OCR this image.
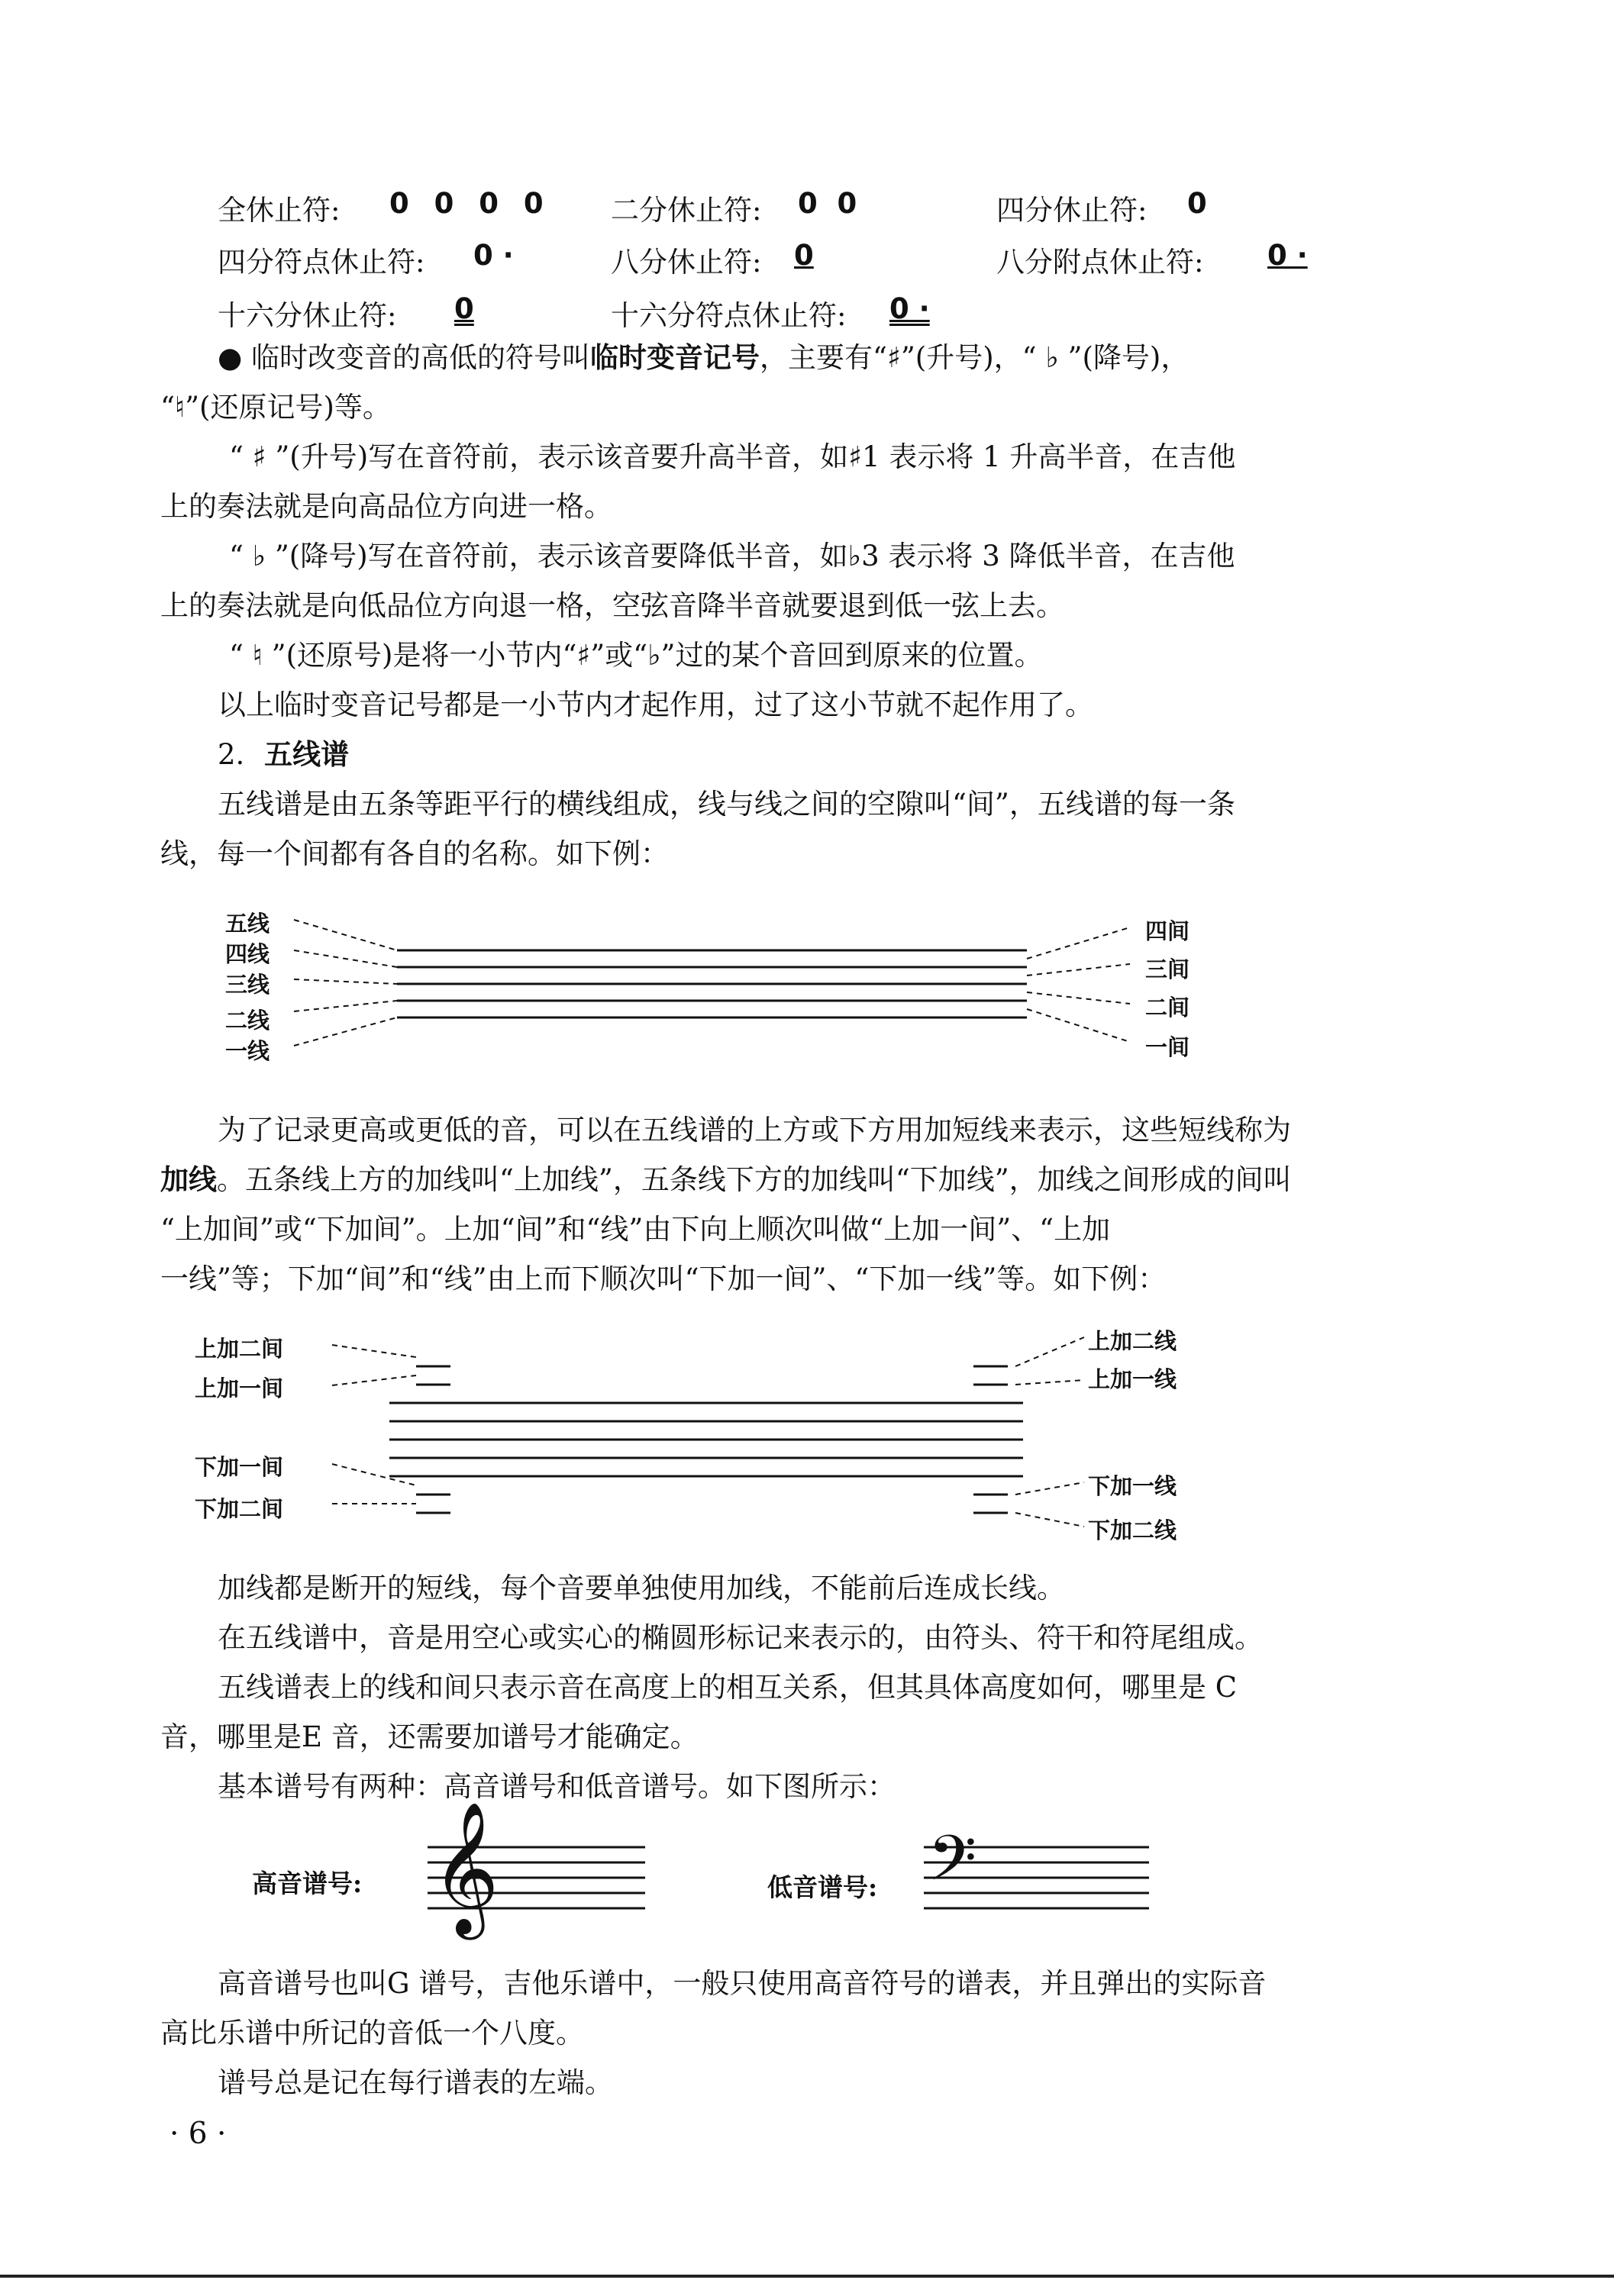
全休止符: 0 0 0 0 二分休止符: 0  0	四分休止符: 0
四分符点休止符: 0 ·	八分休止符: 0	八分附点休止符: 0 ·
十六分休止符: 0	十六分符点休止符: 0 ·
● 临时改变音的高低的符号叫临时变音记号，主要有“♯”(升号)，“ ♭ ”(降号)，
“♮”(还原记号)等。
“ ♯ ”(升号)写在音符前，表示该音要升高半音，如♯1 表示将 1 升高半音，在吉他
上的奏法就是向高品位方向进一格。
“ ♭ ”(降号)写在音符前，表示该音要降低半音，如♭3 表示将 3 降低半音，在吉他
上的奏法就是向低品位方向退一格，空弦音降半音就要退到低一弦上去。
“ ♮ ”(还原号)是将一小节内“♯”或“♭”过的某个音回到原来的位置。
以上临时变音记号都是一小节内才起作用，过了这小节就不起作用了。
2. 五线谱
五线谱是由五条等距平行的横线组成，线与线之间的空隙叫“间”，五线谱的每一条
线，每一个间都有各自的名称。如下例：
五线
四线
三线
二线
一线
四间
三间
二间
一间
为了记录更高或更低的音，可以在五线谱的上方或下方用加短线来表示，这些短线称为
加线。五条线上方的加线叫“上加线”，五条线下方的加线叫“下加线”，加线之间形成的间叫
“上加间”或“下加间”。上加“间”和“线”由下向上顺次叫做“上加一间”、“上加
一线”等；下加“间”和“线”由上而下顺次叫“下加一间”、“下加一线”等。如下例：
上加二间
上加一间
下加一间
下加二间
上加二线
上加一线
下加一线
下加二线
加线都是断开的短线，每个音要单独使用加线，不能前后连成长线。
在五线谱中，音是用空心或实心的椭圆形标记来表示的，由符头、符干和符尾组成。
五线谱表上的线和间只表示音在高度上的相互关系，但其具体高度如何，哪里是 C
音，哪里是E 音，还需要加谱号才能确定。
基本谱号有两种：高音谱号和低音谱号。如下图所示：
高音谱号: 𝄞	低音谱号: 𝄢
高音谱号也叫G 谱号，吉他乐谱中，一般只使用高音符号的谱表，并且弹出的实际音
高比乐谱中所记的音低一个八度。
谱号总是记在每行谱表的左端。
· 6 ·
